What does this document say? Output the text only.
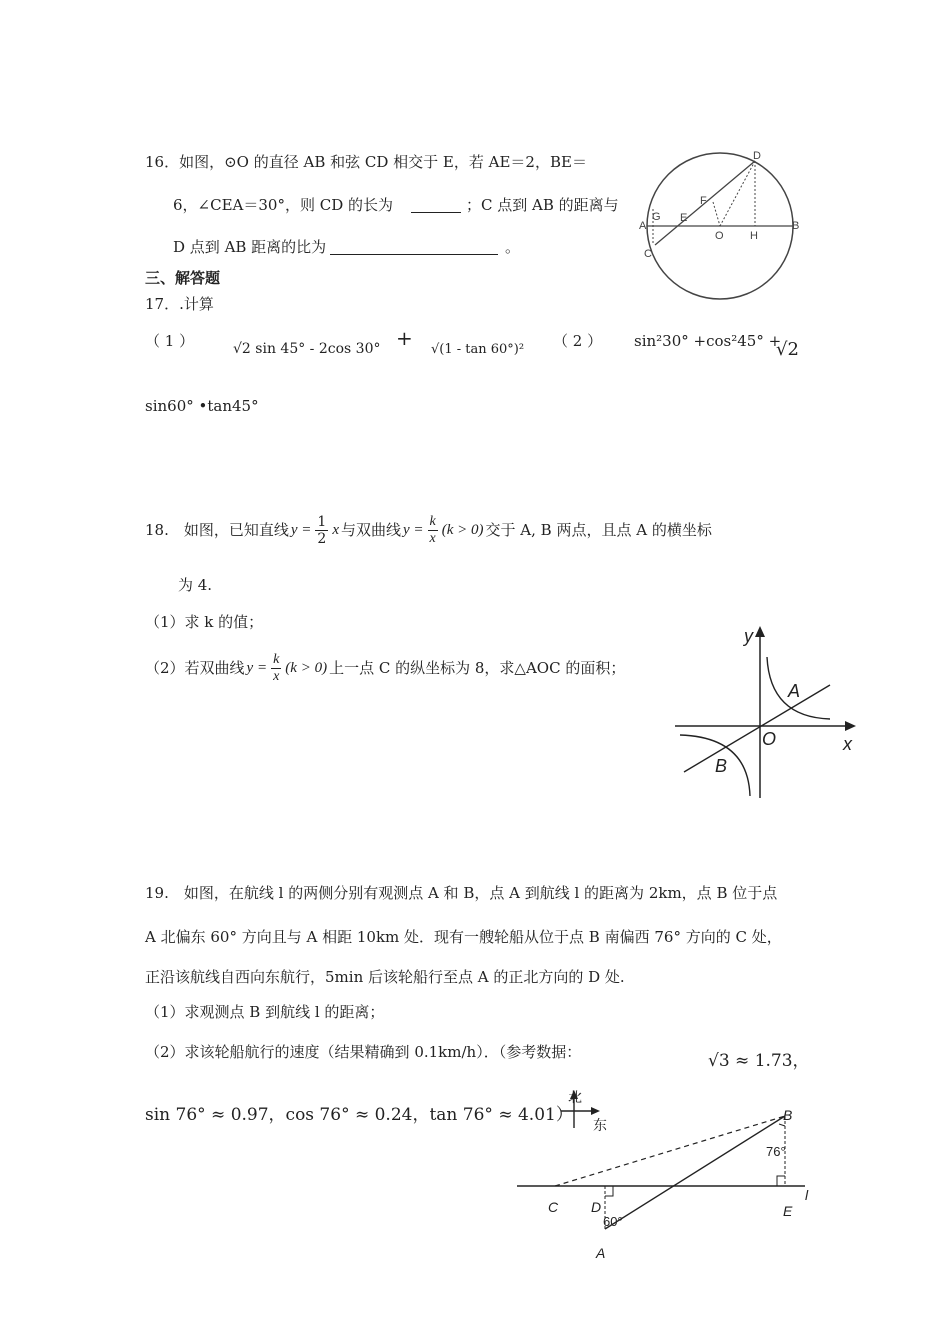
16．如图，⊙O 的直径 AB 和弦 CD 相交于 E，若 AE＝2，BE＝
6，∠CEA＝30°，则 CD 的长为	；C 点到 AB 的距离与
D 点到 AB 距离的比为	。
D
F
A
G E
O H
B
C
三、解答题
17．.计算
（ 1 ）	√2 sin 45° - 2cos 30° + √(1 - tan 60°)² （ 2 ） sin²30° +cos²45° +
√2
sin60° •tan45°
18.　如图，已知直线 $y = \frac{1}{2}$ x 与双曲线 $y = \frac{k}{x} (k > 0)$ 交于 A, B 两点，且点 A 的横坐标
为 4.
（1）求 k 的值；
（2）若双曲线 $y = \frac{k}{x} (k > 0)$ 上一点 C 的纵坐标为 8，求△AOC 的面积；
y
A
O	x
B
19.　如图，在航线 l 的两侧分别有观测点 A 和 B，点 A 到航线 l 的距离为 2km，点 B 位于点
A 北偏东 60° 方向且与 A 相距 10km 处．现有一艘轮船从位于点 B 南偏西 76° 方向的 C 处，
正沿该航线自西向东航行，5min 后该轮船行至点 A 的正北方向的 D 处.
（1）求观测点 B 到航线 l 的距离；
（2）求该轮船航行的速度（结果精确到 0.1km/h）．（参考数据：	√3 ≈ 1.73，
sin 76° ≈ 0.97，cos 76° ≈ 0.24，tan 76° ≈ 4.01）
北
东
B
76°
C D
60°
E
l
A
